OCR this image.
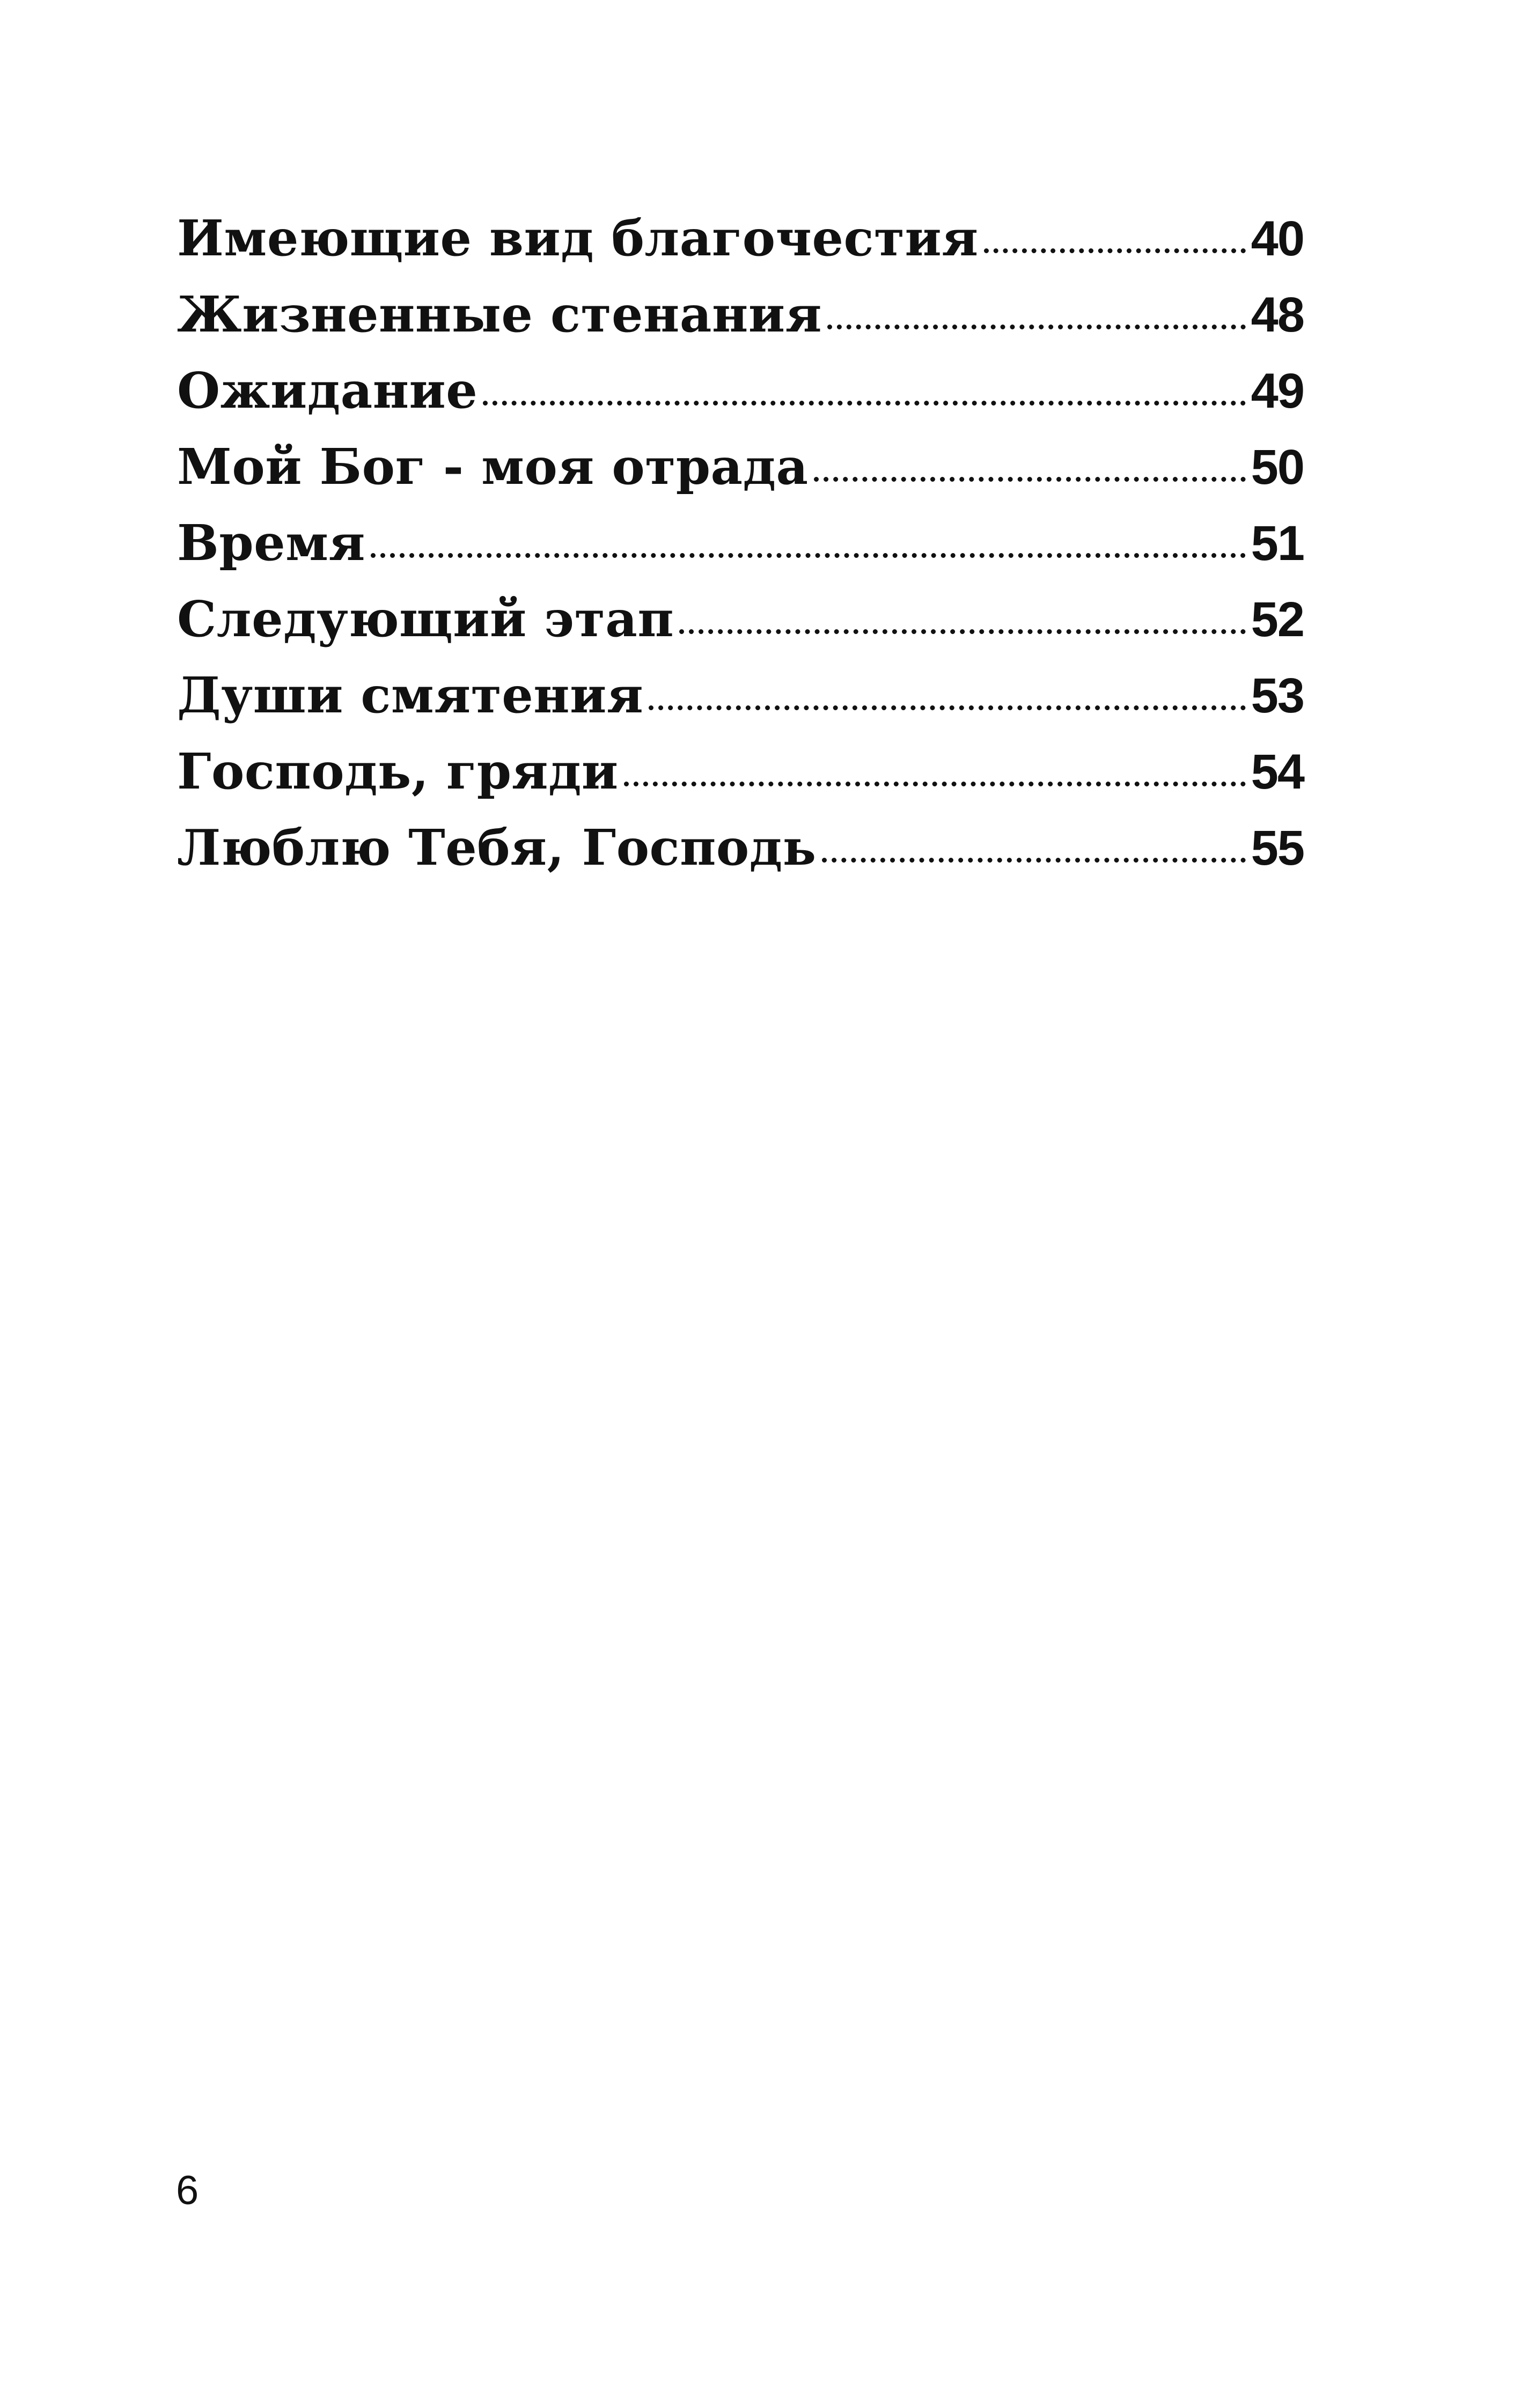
Имеющие вид благочестия	40
Жизненные стенания	48
Ожидание	49
Мой Бог - моя отрада	50
Время	51
Следующий этап	52
Души смятения	53
Господь, гряди	54
Люблю Тебя, Господь	55
6
